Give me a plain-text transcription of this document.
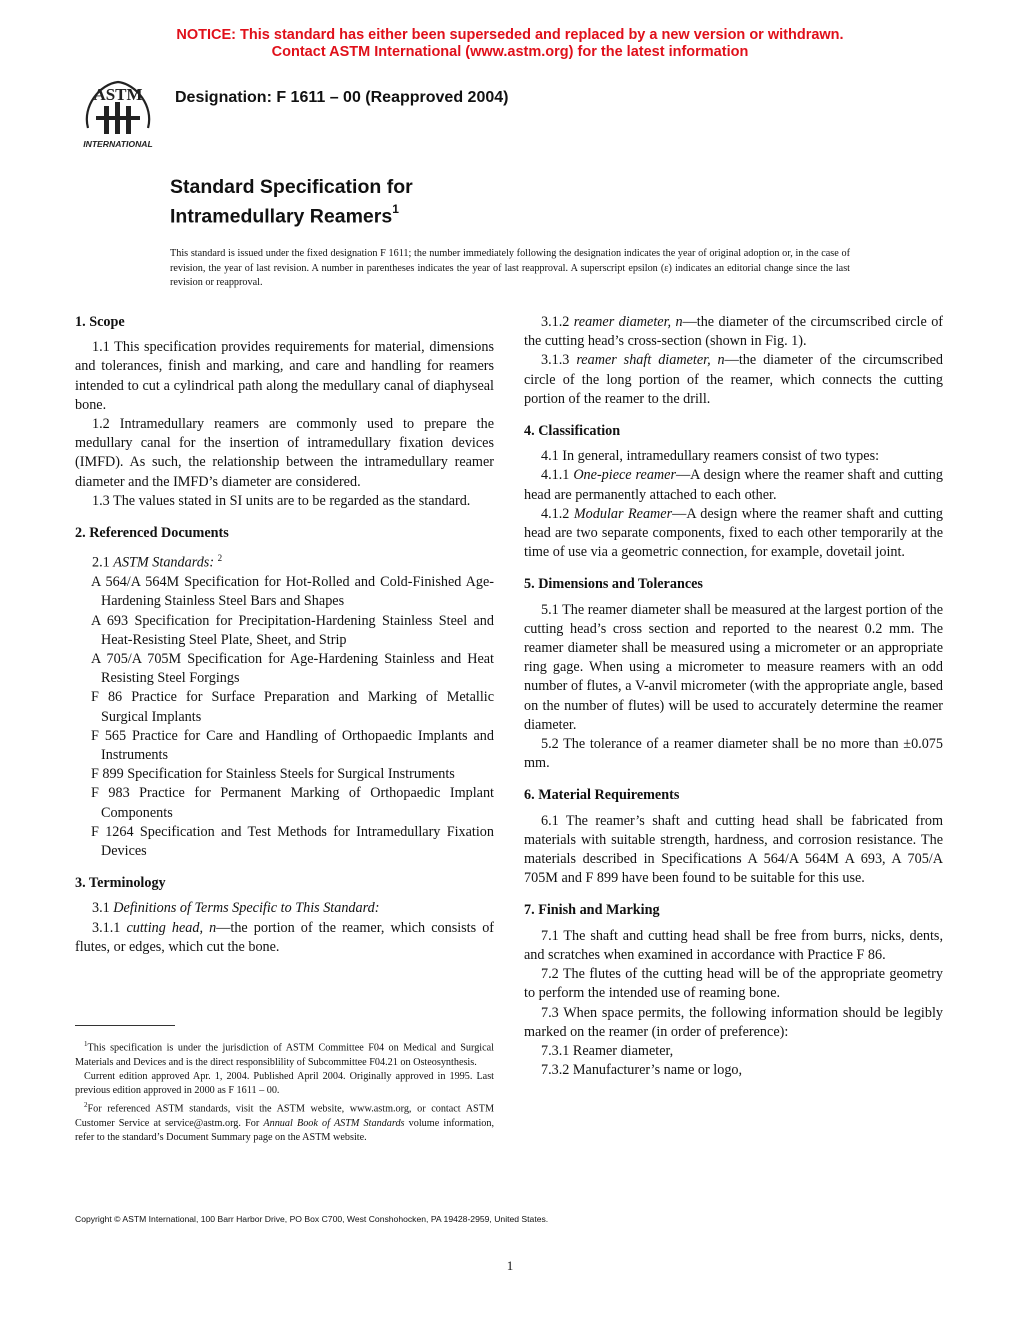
NOTICE: This standard has either been superseded and replaced by a new version or withdrawn.
Contact ASTM International (www.astm.org) for the latest information
ASTM
INTERNATIONAL
Designation: F 1611 – 00 (Reapproved 2004)
Standard Specification for
Intramedullary Reamers$^1$
This standard is issued under the fixed designation F 1611; the number immediately following the designation indicates the year of original adoption or, in the case of revision, the year of last revision. A number in parentheses indicates the year of last reapproval. A superscript epsilon (ε) indicates an editorial change since the last revision or reapproval.
1. Scope

1.1 This specification provides requirements for material, dimensions and tolerances, finish and marking, and care and handling for reamers intended to cut a cylindrical path along the medullary canal of diaphyseal bone.

1.2 Intramedullary reamers are commonly used to prepare the medullary canal for the insertion of intramedullary fixation devices (IMFD). As such, the relationship between the intramedullary reamer diameter and the IMFD’s diameter are considered.

1.3 The values stated in SI units are to be regarded as the standard.

2. Referenced Documents

2.1 ASTM Standards: $^2$

A 564/A 564M Specification for Hot-Rolled and Cold-Finished Age-Hardening Stainless Steel Bars and Shapes
A 693 Specification for Precipitation-Hardening Stainless Steel and Heat-Resisting Steel Plate, Sheet, and Strip
A 705/A 705M Specification for Age-Hardening Stainless and Heat Resisting Steel Forgings
F 86 Practice for Surface Preparation and Marking of Metallic Surgical Implants
F 565 Practice for Care and Handling of Orthopaedic Implants and Instruments
F 899 Specification for Stainless Steels for Surgical Instruments
F 983 Practice for Permanent Marking of Orthopaedic Implant Components
F 1264 Specification and Test Methods for Intramedullary Fixation Devices
3. Terminology

3.1 Definitions of Terms Specific to This Standard:

3.1.1 cutting head, n—the portion of the reamer, which consists of flutes, or edges, which cut the bone.

$^1$This specification is under the jurisdiction of ASTM Committee F04 on Medical and Surgical Materials and Devices and is the direct responsiblility of Subcommittee F04.21 on Osteosynthesis.

Current edition approved Apr. 1, 2004. Published April 2004. Originally approved in 1995. Last previous edition approved in 2000 as F 1611 – 00.

$^2$For referenced ASTM standards, visit the ASTM website, www.astm.org, or contact ASTM Customer Service at service@astm.org. For Annual Book of ASTM Standards volume information, refer to the standard’s Document Summary page on the ASTM website.

3.1.2 reamer diameter, n—the diameter of the circumscribed circle of the cutting head’s cross-section (shown in Fig. 1).

3.1.3 reamer shaft diameter, n—the diameter of the circumscribed circle of the long portion of the reamer, which connects the cutting portion of the reamer to the drill.

4. Classification

4.1 In general, intramedullary reamers consist of two types:

4.1.1 One-piece reamer—A design where the reamer shaft and cutting head are permanently attached to each other.

4.1.2 Modular Reamer—A design where the reamer shaft and cutting head are two separate components, fixed to each other temporarily at the time of use via a geometric connection, for example, dovetail joint.

5. Dimensions and Tolerances

5.1 The reamer diameter shall be measured at the largest portion of the cutting head’s cross section and reported to the nearest 0.2 mm. The reamer diameter shall be measured using a micrometer or an appropriate ring gage. When using a micrometer to measure reamers with an odd number of flutes, a V-anvil micrometer (with the appropriate angle, based on the number of flutes) will be used to accurately determine the reamer diameter.

5.2 The tolerance of a reamer diameter shall be no more than ±0.075 mm.

6. Material Requirements

6.1 The reamer’s shaft and cutting head shall be fabricated from materials with suitable strength, hardness, and corrosion resistance. The materials described in Specifications A 564/A 564M A 693, A 705/A 705M and F 899 have been found to be suitable for this use.

7. Finish and Marking

7.1 The shaft and cutting head shall be free from burrs, nicks, dents, and scratches when examined in accordance with Practice F 86.

7.2 The flutes of the cutting head will be of the appropriate geometry to perform the intended use of reaming bone.

7.3 When space permits, the following information should be legibly marked on the reamer (in order of preference):

7.3.1 Reamer diameter,

7.3.2 Manufacturer’s name or logo,

Copyright © ASTM International, 100 Barr Harbor Drive, PO Box C700, West Conshohocken, PA 19428-2959, United States.
1
